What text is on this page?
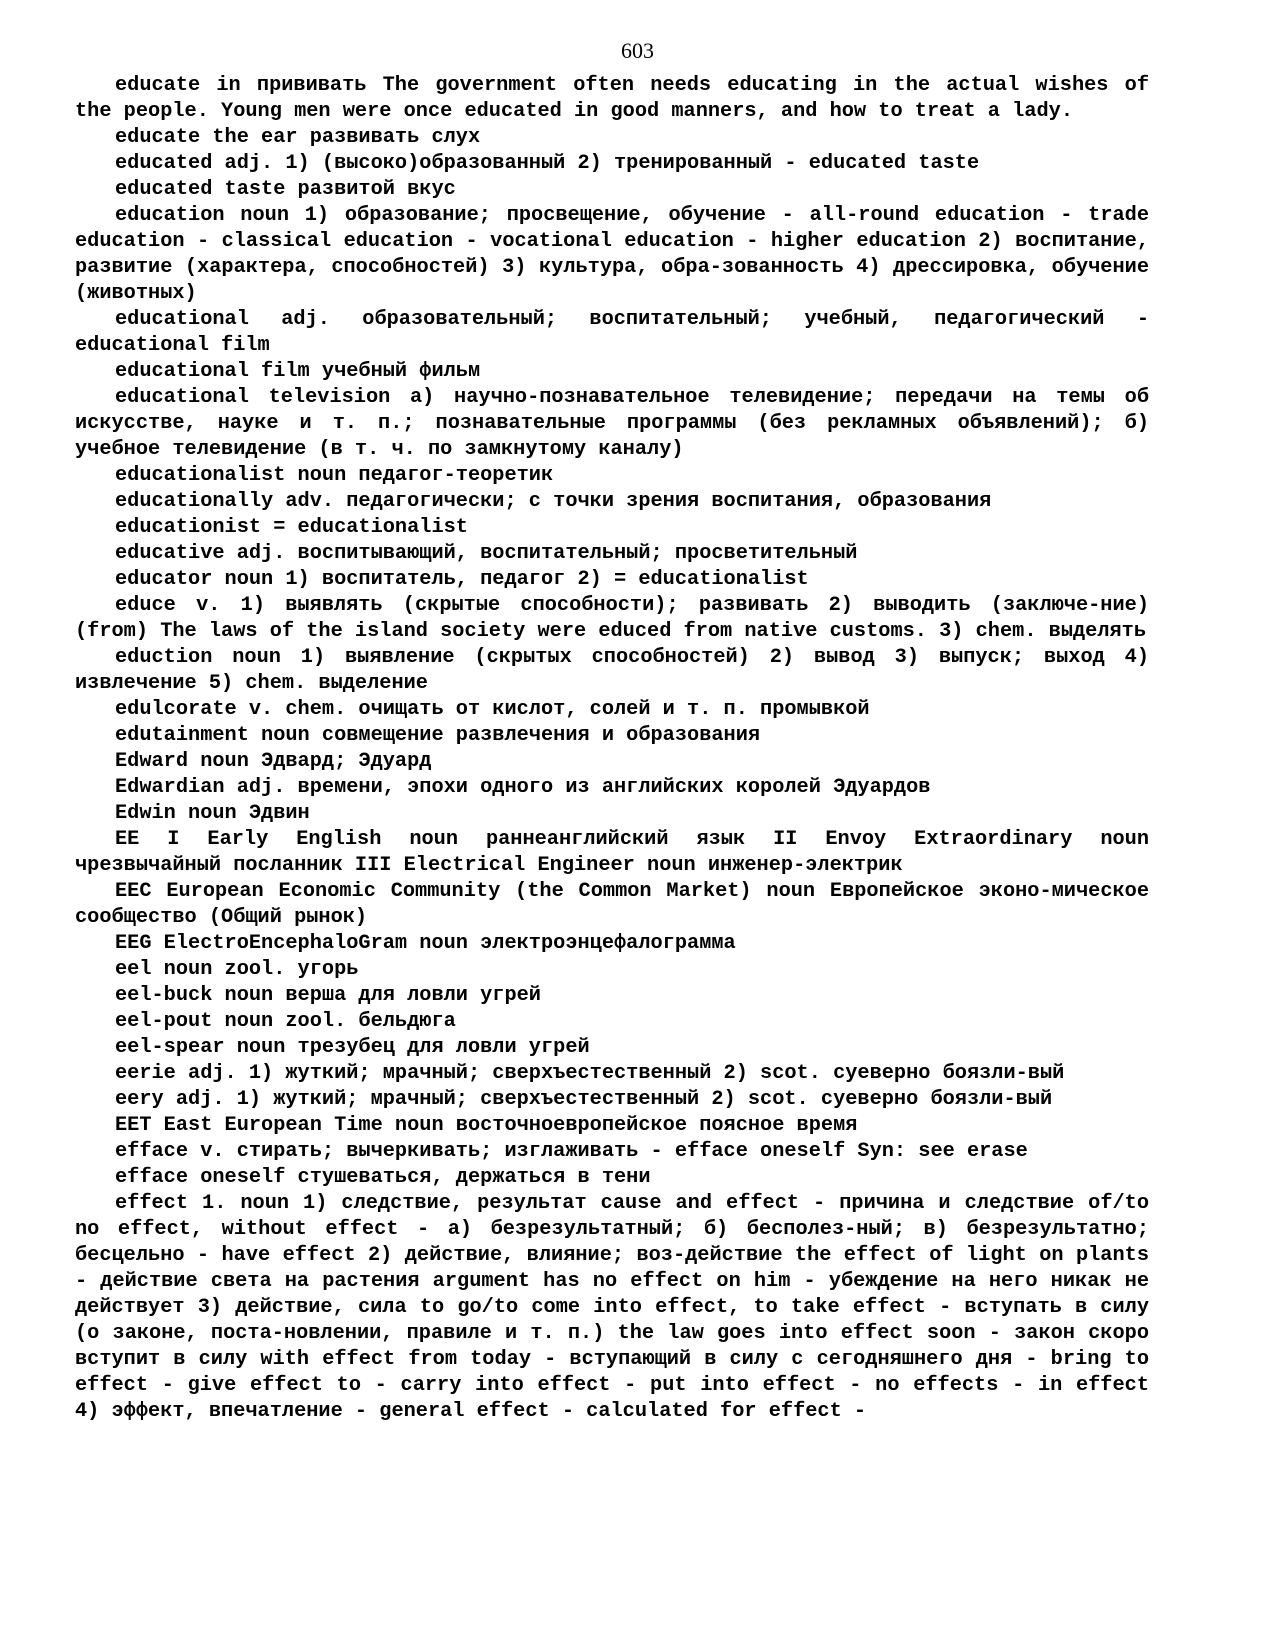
603

educate in прививать The government often needs educating in the actual wishes of the people. Young men were once educated in good manners, and how to treat a lady.

educate the ear развивать слух

educated adj. 1) (высоко)образованный 2) тренированный - educated taste

educated taste развитой вкус

education noun 1) образование; просвещение, обучение - all-round education - trade education - classical education - vocational education - higher education 2) воспитание, развитие (характера, способностей) 3) культура, обра-зованность 4) дрессировка, обучение (животных)

educational adj. образовательный; воспитательный; учебный, педагогический - educational film

educational film учебный фильм

educational television а) научно-познавательное телевидение; передачи на темы об искусстве, науке и т. п.; познавательные программы (без рекламных объявлений); б) учебное телевидение (в т. ч. по замкнутому каналу)

educationalist noun педагог-теоретик

educationally adv. педагогически; с точки зрения воспитания, образования

educationist = educationalist

educative adj. воспитывающий, воспитательный; просветительный

educator noun 1) воспитатель, педагог 2) = educationalist

educe v. 1) выявлять (скрытые способности); развивать 2) выводить (заключе-ние) (from) The laws of the island society were educed from native customs. 3) chem. выделять

eduction noun 1) выявление (скрытых способностей) 2) вывод 3) выпуск; выход 4) извлечение 5) chem. выделение

edulcorate v. chem. очищать от кислот, солей и т. п. промывкой

edutainment noun совмещение развлечения и образования

Edward noun Эдвард; Эдуард

Edwardian adj. времени, эпохи одного из английских королей Эдуардов

Edwin noun Эдвин

EE I Early English noun раннеанглийский язык II Envoy Extraordinary noun чрезвычайный посланник III Electrical Engineer noun инженер-электрик

EEC European Economic Community (the Common Market) noun Европейское эконо-мическое сообщество (Общий рынок)

EEG ElectroEncephaloGram noun электроэнцефалограмма

eel noun zool. угорь

eel-buck noun верша для ловли угрей

eel-pout noun zool. бельдюга

eel-spear noun трезубец для ловли угрей

eerie adj. 1) жуткий; мрачный; сверхъестественный 2) scot. суеверно боязли-вый

eery adj. 1) жуткий; мрачный; сверхъестественный 2) scot. суеверно боязли-вый

EET East European Time noun восточноевропейское поясное время

efface v. стирать; вычеркивать; изглаживать - efface oneself Syn: see erase

efface oneself стушеваться, держаться в тени

effect 1. noun 1) следствие, результат cause and effect - причина и следствие of/to no effect, without effect - а) безрезультатный; б) бесполез-ный; в) безрезультатно; бесцельно - have effect 2) действие, влияние; воз-действие the effect of light on plants - действие света на растения argument has no effect on him - убеждение на него никак не действует 3) действие, сила to go/to come into effect, to take effect - вступать в силу (о законе, поста-новлении, правиле и т. п.) the law goes into effect soon - закон скоро вступит в силу with effect from today - вступающий в силу с сегодняшнего дня - bring to effect - give effect to - carry into effect - put into effect - no effects - in effect 4) эффект, впечатление - general effect - calculated for effect -
